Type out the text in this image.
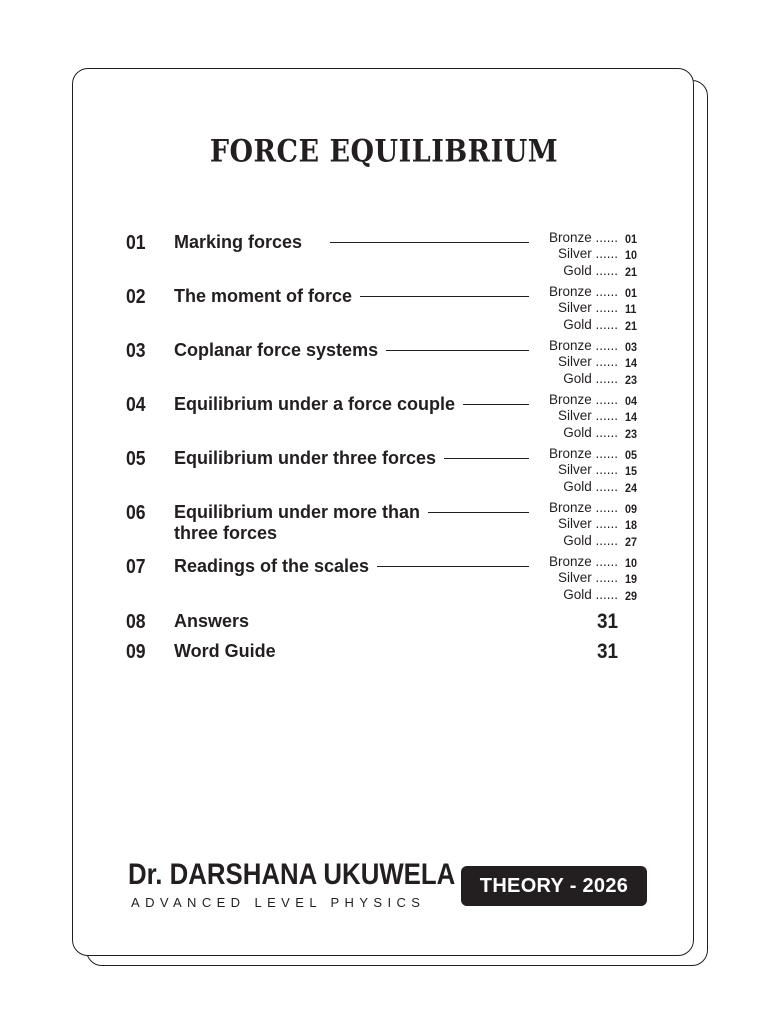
FORCE EQUILIBRIUM
01 Marking forces	Bronze ...... 01
Silver ...... 10
Gold ...... 21
02 The moment of force	Bronze ...... 01
Silver ...... 11
Gold ...... 21
03 Coplanar force systems	Bronze ...... 03
Silver ...... 14
Gold ...... 23
04 Equilibrium under a force couple	Bronze ...... 04
Silver ...... 14
Gold ...... 23
05 Equilibrium under three forces	Bronze ...... 05
Silver ...... 15
Gold ...... 24
06 Equilibrium under more than
three forces
Bronze ...... 09
Silver ...... 18
Gold ...... 27
07 Readings of the scales	Bronze ...... 10
Silver ...... 19
Gold ...... 29
08 Answers	31
09 Word Guide	31
Dr. DARSHANA UKUWELA
ADVANCED LEVEL PHYSICS
THEORY - 2026
